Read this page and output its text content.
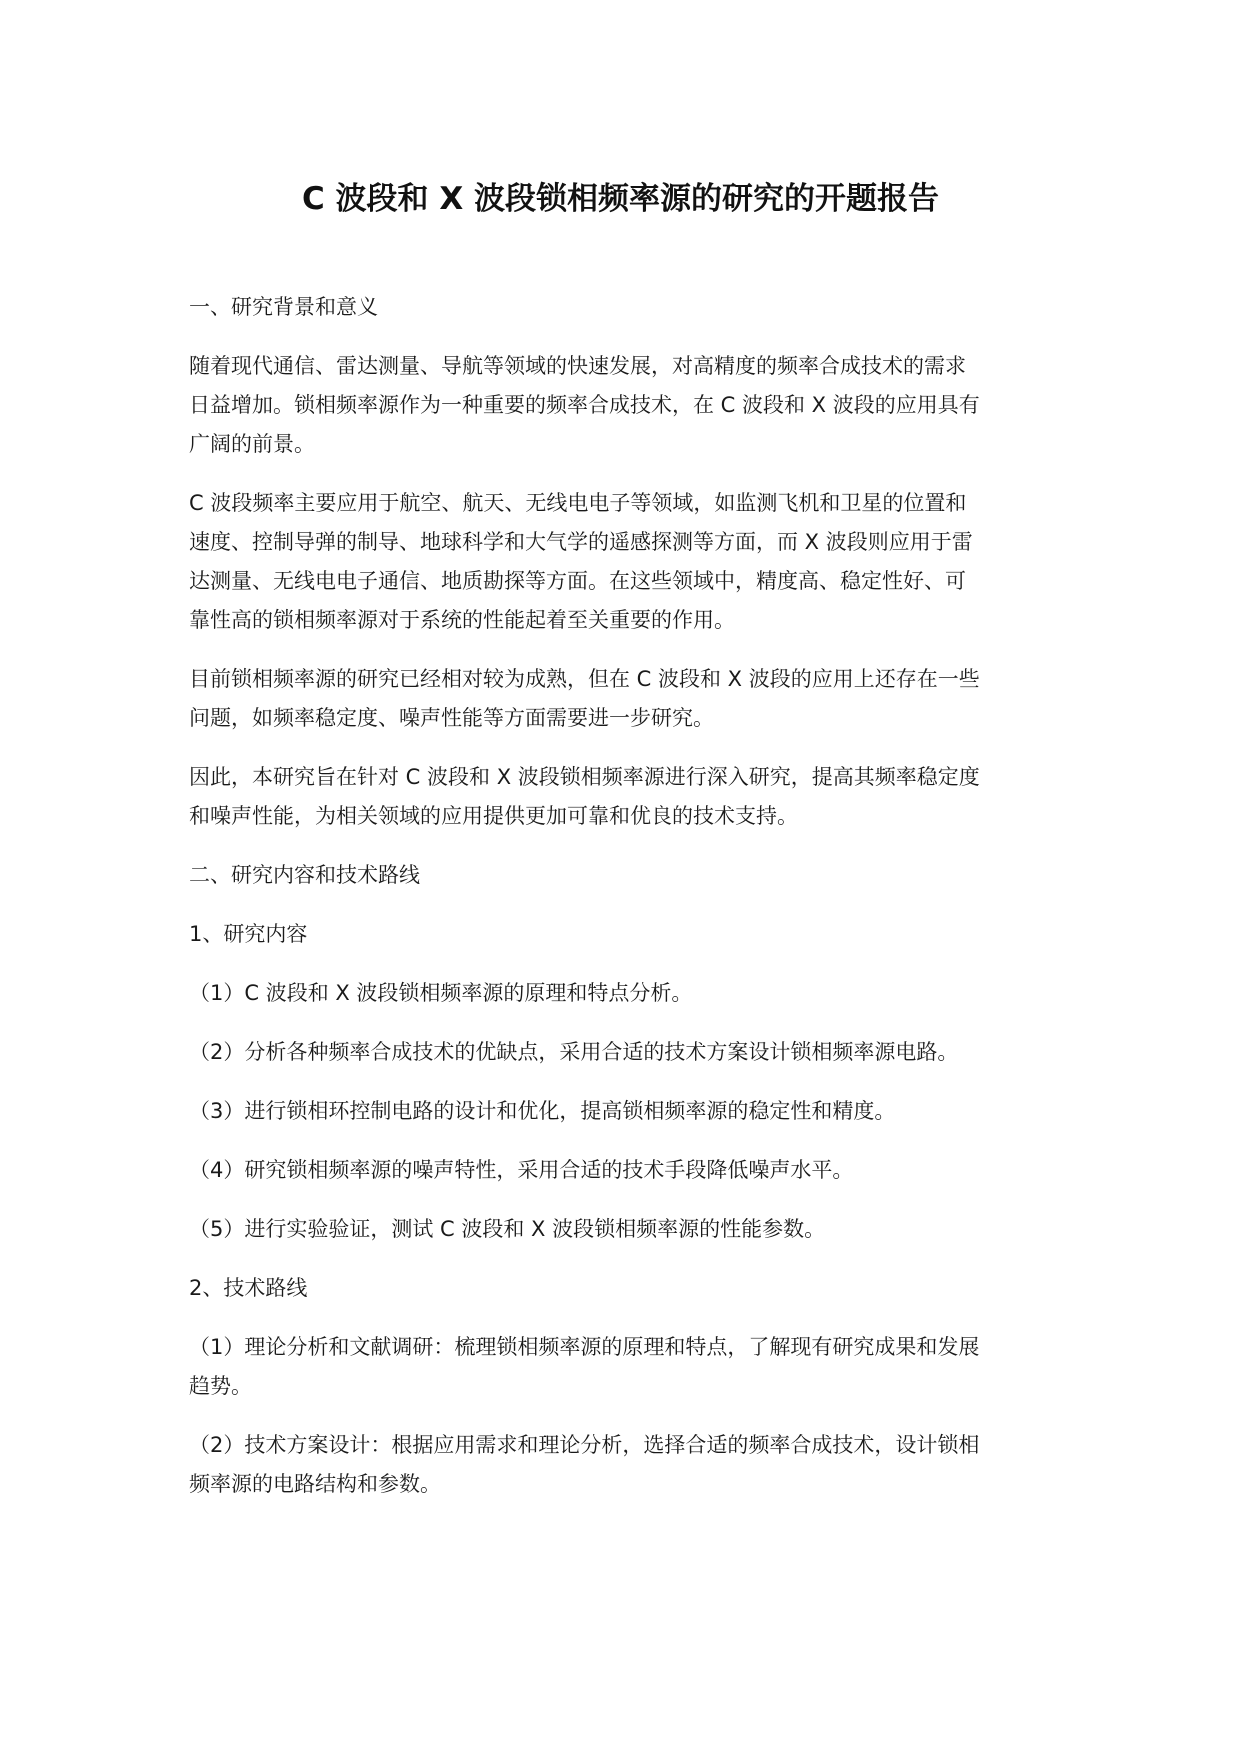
C 波段和 X 波段锁相频率源的研究的开题报告
一、研究背景和意义
随着现代通信、雷达测量、导航等领域的快速发展，对高精度的频率合成技术的需求
日益增加。锁相频率源作为一种重要的频率合成技术，在 C 波段和 X 波段的应用具有
广阔的前景。
C 波段频率主要应用于航空、航天、无线电电子等领域，如监测飞机和卫星的位置和
速度、控制导弹的制导、地球科学和大气学的遥感探测等方面，而 X 波段则应用于雷
达测量、无线电电子通信、地质勘探等方面。在这些领域中，精度高、稳定性好、可
靠性高的锁相频率源对于系统的性能起着至关重要的作用。
目前锁相频率源的研究已经相对较为成熟，但在 C 波段和 X 波段的应用上还存在一些
问题，如频率稳定度、噪声性能等方面需要进一步研究。
因此，本研究旨在针对 C 波段和 X 波段锁相频率源进行深入研究，提高其频率稳定度
和噪声性能，为相关领域的应用提供更加可靠和优良的技术支持。
二、研究内容和技术路线
1、研究内容
（1）C 波段和 X 波段锁相频率源的原理和特点分析。
（2）分析各种频率合成技术的优缺点，采用合适的技术方案设计锁相频率源电路。
（3）进行锁相环控制电路的设计和优化，提高锁相频率源的稳定性和精度。
（4）研究锁相频率源的噪声特性，采用合适的技术手段降低噪声水平。
（5）进行实验验证，测试 C 波段和 X 波段锁相频率源的性能参数。
2、技术路线
（1）理论分析和文献调研：梳理锁相频率源的原理和特点，了解现有研究成果和发展
趋势。
（2）技术方案设计：根据应用需求和理论分析，选择合适的频率合成技术，设计锁相
频率源的电路结构和参数。
